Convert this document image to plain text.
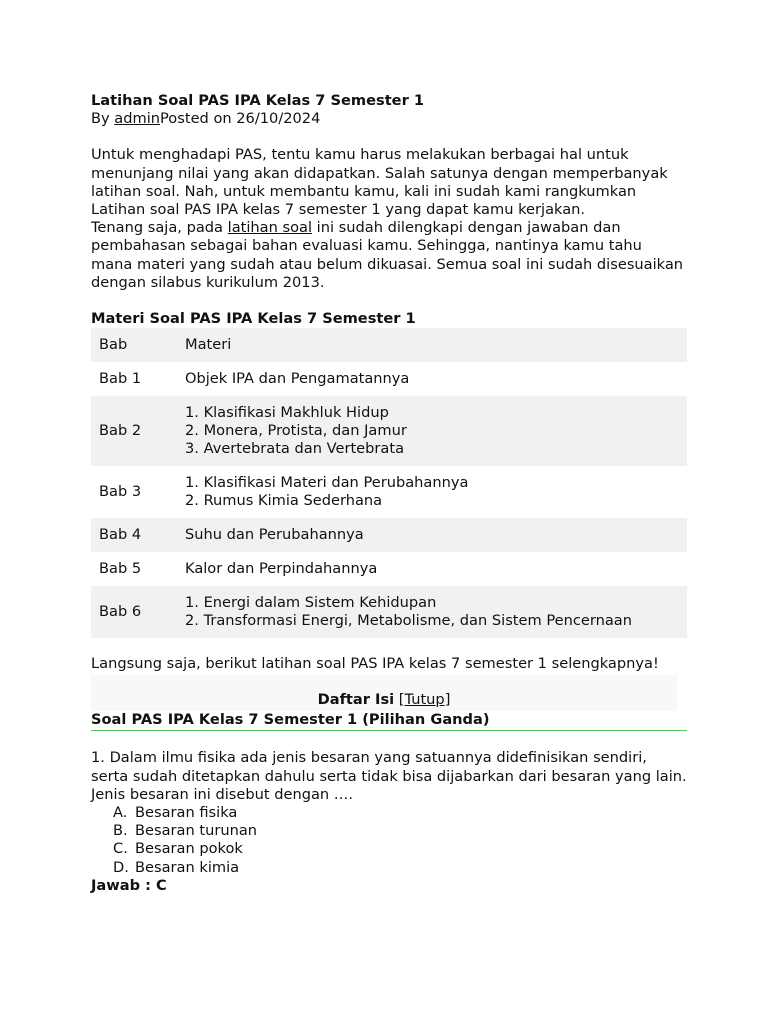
Latihan Soal PAS IPA Kelas 7 Semester 1
By adminPosted on 26/10/2024

Untuk menghadapi PAS, tentu kamu harus melakukan berbagai hal untuk menunjang nilai yang akan didapatkan. Salah satunya dengan memperbanyak latihan soal. Nah, untuk membantu kamu, kali ini sudah kami rangkumkan Latihan soal PAS IPA kelas 7 semester 1 yang dapat kamu kerjakan.

Tenang saja, pada latihan soal ini sudah dilengkapi dengan jawaban dan pembahasan sebagai bahan evaluasi kamu. Sehingga, nantinya kamu tahu mana materi yang sudah atau belum dikuasai. Semua soal ini sudah disesuaikan dengan silabus kurikulum 2013.

Materi Soal PAS IPA Kelas 7 Semester 1
Bab	Materi
Bab 1	Objek IPA dan Pengamatannya

Bab 2	1. Klasifikasi Makhluk Hidup
2. Monera, Protista, dan Jamur
3. Avertebrata dan Vertebrata

Bab 3	1. Klasifikasi Materi dan Perubahannya
2. Rumus Kimia Sederhana

Bab 4	Suhu dan Perubahannya

Bab 5	Kalor dan Perpindahannya

Bab 6	1. Energi dalam Sistem Kehidupan
2. Transformasi Energi, Metabolisme, dan Sistem Pencernaan
Langsung saja, berikut latihan soal PAS IPA kelas 7 semester 1 selengkapnya!
Daftar Isi [Tutup]
Soal PAS IPA Kelas 7 Semester 1 (Pilihan Ganda)
1. Dalam ilmu fisika ada jenis besaran yang satuannya didefinisikan sendiri, serta sudah ditetapkan dahulu serta tidak bisa dijabarkan dari besaran yang lain. Jenis besaran ini disebut dengan ….
A. Besaran fisika
B. Besaran turunan
C. Besaran pokok
D. Besaran kimia
Jawab : C
